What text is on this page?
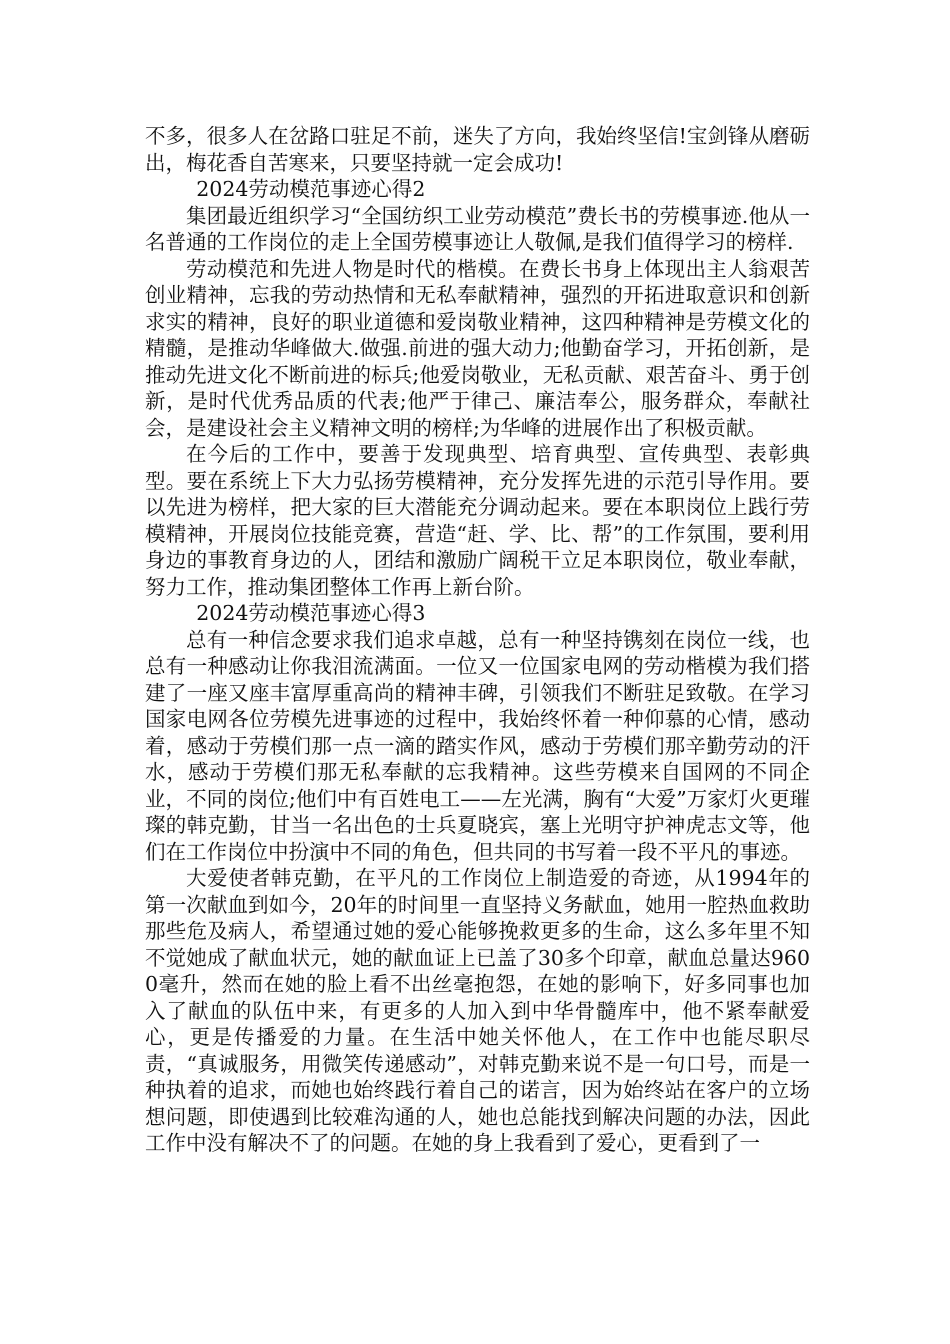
不多，很多人在岔路口驻足不前，迷失了方向，我始终坚信!宝剑锋从磨砺出，梅花香自苦寒来，只要坚持就一定会成功!

2024劳动模范事迹心得2

集团最近组织学习“全国纺织工业劳动模范”费长书的劳模事迹.他从一名普通的工作岗位的走上全国劳模事迹让人敬佩,是我们值得学习的榜样.

劳动模范和先进人物是时代的楷模。在费长书身上体现出主人翁艰苦创业精神，忘我的劳动热情和无私奉献精神，强烈的开拓进取意识和创新求实的精神，良好的职业道德和爱岗敬业精神，这四种精神是劳模文化的精髓，是推动华峰做大.做强.前进的强大动力;他勤奋学习，开拓创新，是推动先进文化不断前进的标兵;他爱岗敬业，无私贡献、艰苦奋斗、勇于创新，是时代优秀品质的代表;他严于律己、廉洁奉公，服务群众，奉献社会，是建设社会主义精神文明的榜样;为华峰的进展作出了积极贡献。

在今后的工作中，要善于发现典型、培育典型、宣传典型、表彰典型。要在系统上下大力弘扬劳模精神，充分发挥先进的示范引导作用。要以先进为榜样，把大家的巨大潜能充分调动起来。要在本职岗位上践行劳模精神，开展岗位技能竞赛，营造“赶、学、比、帮”的工作氛围，要利用身边的事教育身边的人，团结和激励广阔税干立足本职岗位，敬业奉献，努力工作，推动集团整体工作再上新台阶。

2024劳动模范事迹心得3

总有一种信念要求我们追求卓越，总有一种坚持镌刻在岗位一线，也总有一种感动让你我泪流满面。一位又一位国家电网的劳动楷模为我们搭建了一座又座丰富厚重高尚的精神丰碑，引领我们不断驻足致敬。在学习国家电网各位劳模先进事迹的过程中，我始终怀着一种仰慕的心情，感动着，感动于劳模们那一点一滴的踏实作风，感动于劳模们那辛勤劳动的汗水，感动于劳模们那无私奉献的忘我精神。这些劳模来自国网的不同企业，不同的岗位;他们中有百姓电工——左光满，胸有“大爱”万家灯火更璀璨的韩克勤，甘当一名出色的士兵夏晓宾，塞上光明守护神虎志文等，他们在工作岗位中扮演中不同的角色，但共同的书写着一段不平凡的事迹。

大爱使者韩克勤，在平凡的工作岗位上制造爱的奇迹，从1994年的第一次献血到如今，20年的时间里一直坚持义务献血，她用一腔热血救助那些危及病人，希望通过她的爱心能够挽救更多的生命，这么多年里不知不觉她成了献血状元，她的献血证上已盖了30多个印章，献血总量达9600毫升，然而在她的脸上看不出丝毫抱怨，在她的影响下，好多同事也加入了献血的队伍中来，有更多的人加入到中华骨髓库中，他不紧奉献爱心，更是传播爱的力量。在生活中她关怀他人，在工作中也能尽职尽责，“真诚服务，用微笑传递感动”，对韩克勤来说不是一句口号，而是一种执着的追求，而她也始终践行着自己的诺言，因为始终站在客户的立场想问题，即使遇到比较难沟通的人，她也总能找到解决问题的办法，因此工作中没有解决不了的问题。在她的身上我看到了爱心，更看到了一
